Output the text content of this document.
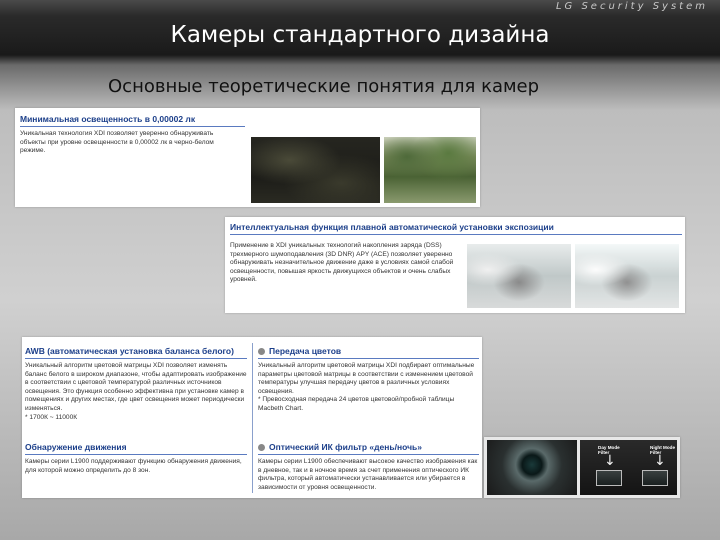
LG Security System
Камеры стандартного дизайна
Основные теоретические понятия для камер
Минимальная освещенность в 0,00002 лк
Уникальная технология XDI позволяет уверенно обнаруживать объекты при уровне освещенности в 0,00002 лк в черно-белом режиме.
Интеллектуальная функция плавной автоматической установки экспозиции
Применение в XDI уникальных технологий накопления заряда (DSS) трехмерного шумоподавления (3D DNR) APY (ACE) позволяет уверенно обнаруживать незначительное движение даже в условиях самой слабой освещенности, повышая яркость движущихся объектов и очень слабых уровней.
AWB (автоматическая установка баланса белого)
Уникальный алгоритм цветовой матрицы XDI позволяет изменять баланс белого в широком диапазоне, чтобы адаптировать изображение в соответствии с цветовой температурой различных источников освещения. Это функция особенно эффективна при установке камер в помещениях и других местах, где цвет освещения может периодически изменяться.
* 1700К ~ 11000К
Передача цветов
Уникальный алгоритм цветовой матрицы XDI подбирает оптимальные параметры цветовой матрицы в соответствии с изменением цветовой температуры улучшая передачу цветов в различных условиях освещения.
* Превосходная передача 24 цветов цветовой/пробной таблицы Macbeth Chart.
Обнаружение движения
Камеры серии L1900 поддерживают функцию обнаружения движения, для которой можно определить до 8 зон.
Оптический ИК фильтр «день/ночь»
Камеры серии L1900 обеспечивают высокое качество изображения как в дневное, так и в ночное время за счет применения оптического ИК фильтра, который автоматически устанавливается или убирается в зависимости от уровня освещенности.
Day Mode
Filter
Night Mode
Filter
↓	↓
